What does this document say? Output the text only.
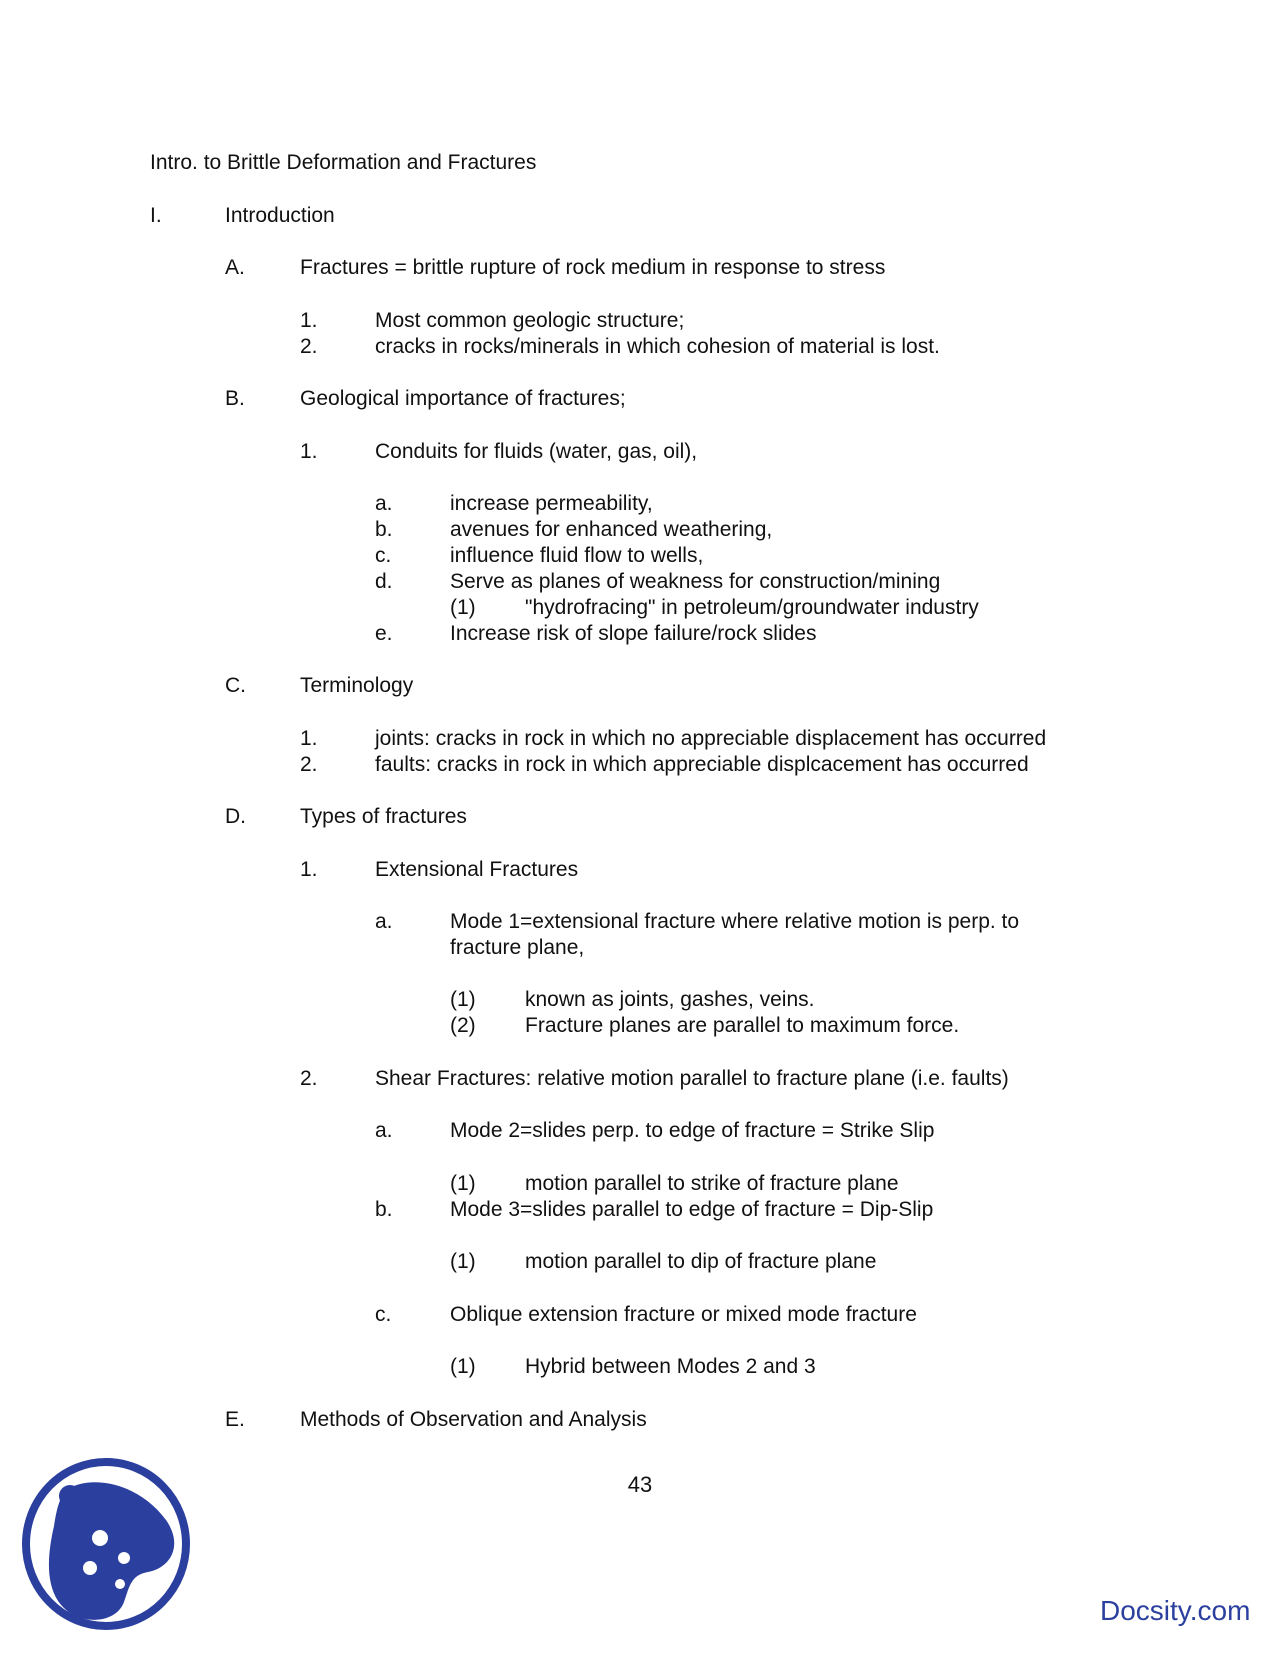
Intro. to Brittle Deformation and Fractures
I.	Introduction
A.	Fractures = brittle rupture of rock medium in response to stress
1.	Most common geologic structure;
2.	cracks in rocks/minerals in which cohesion of material is lost.
B.	Geological importance of fractures;
1.	Conduits for fluids (water, gas, oil),
a.	increase permeability,
b.	avenues for enhanced weathering,
c.	influence fluid flow to wells,
d.	Serve as planes of weakness for construction/mining
(1) "hydrofracing" in petroleum/groundwater industry
e.	Increase risk of slope failure/rock slides
C.	Terminology
1.	joints: cracks in rock in which no appreciable displacement has occurred
2.	faults: cracks in rock in which appreciable displcacement has occurred
D.	Types of fractures
1.	Extensional Fractures
a.	Mode 1=extensional fracture where relative motion is perp. to
fracture plane,
(1) known as joints, gashes, veins.
(2) Fracture planes are parallel to maximum force.
2.	Shear Fractures: relative motion parallel to fracture plane (i.e. faults)
a.	Mode 2=slides perp. to edge of fracture = Strike Slip
(1) motion parallel to strike of fracture plane
b.	Mode 3=slides parallel to edge of fracture = Dip-Slip
(1) motion parallel to dip of fracture plane
c.	Oblique extension fracture or mixed mode fracture
(1) Hybrid between Modes 2 and 3
E.	Methods of Observation and Analysis
43
Docsity.com
